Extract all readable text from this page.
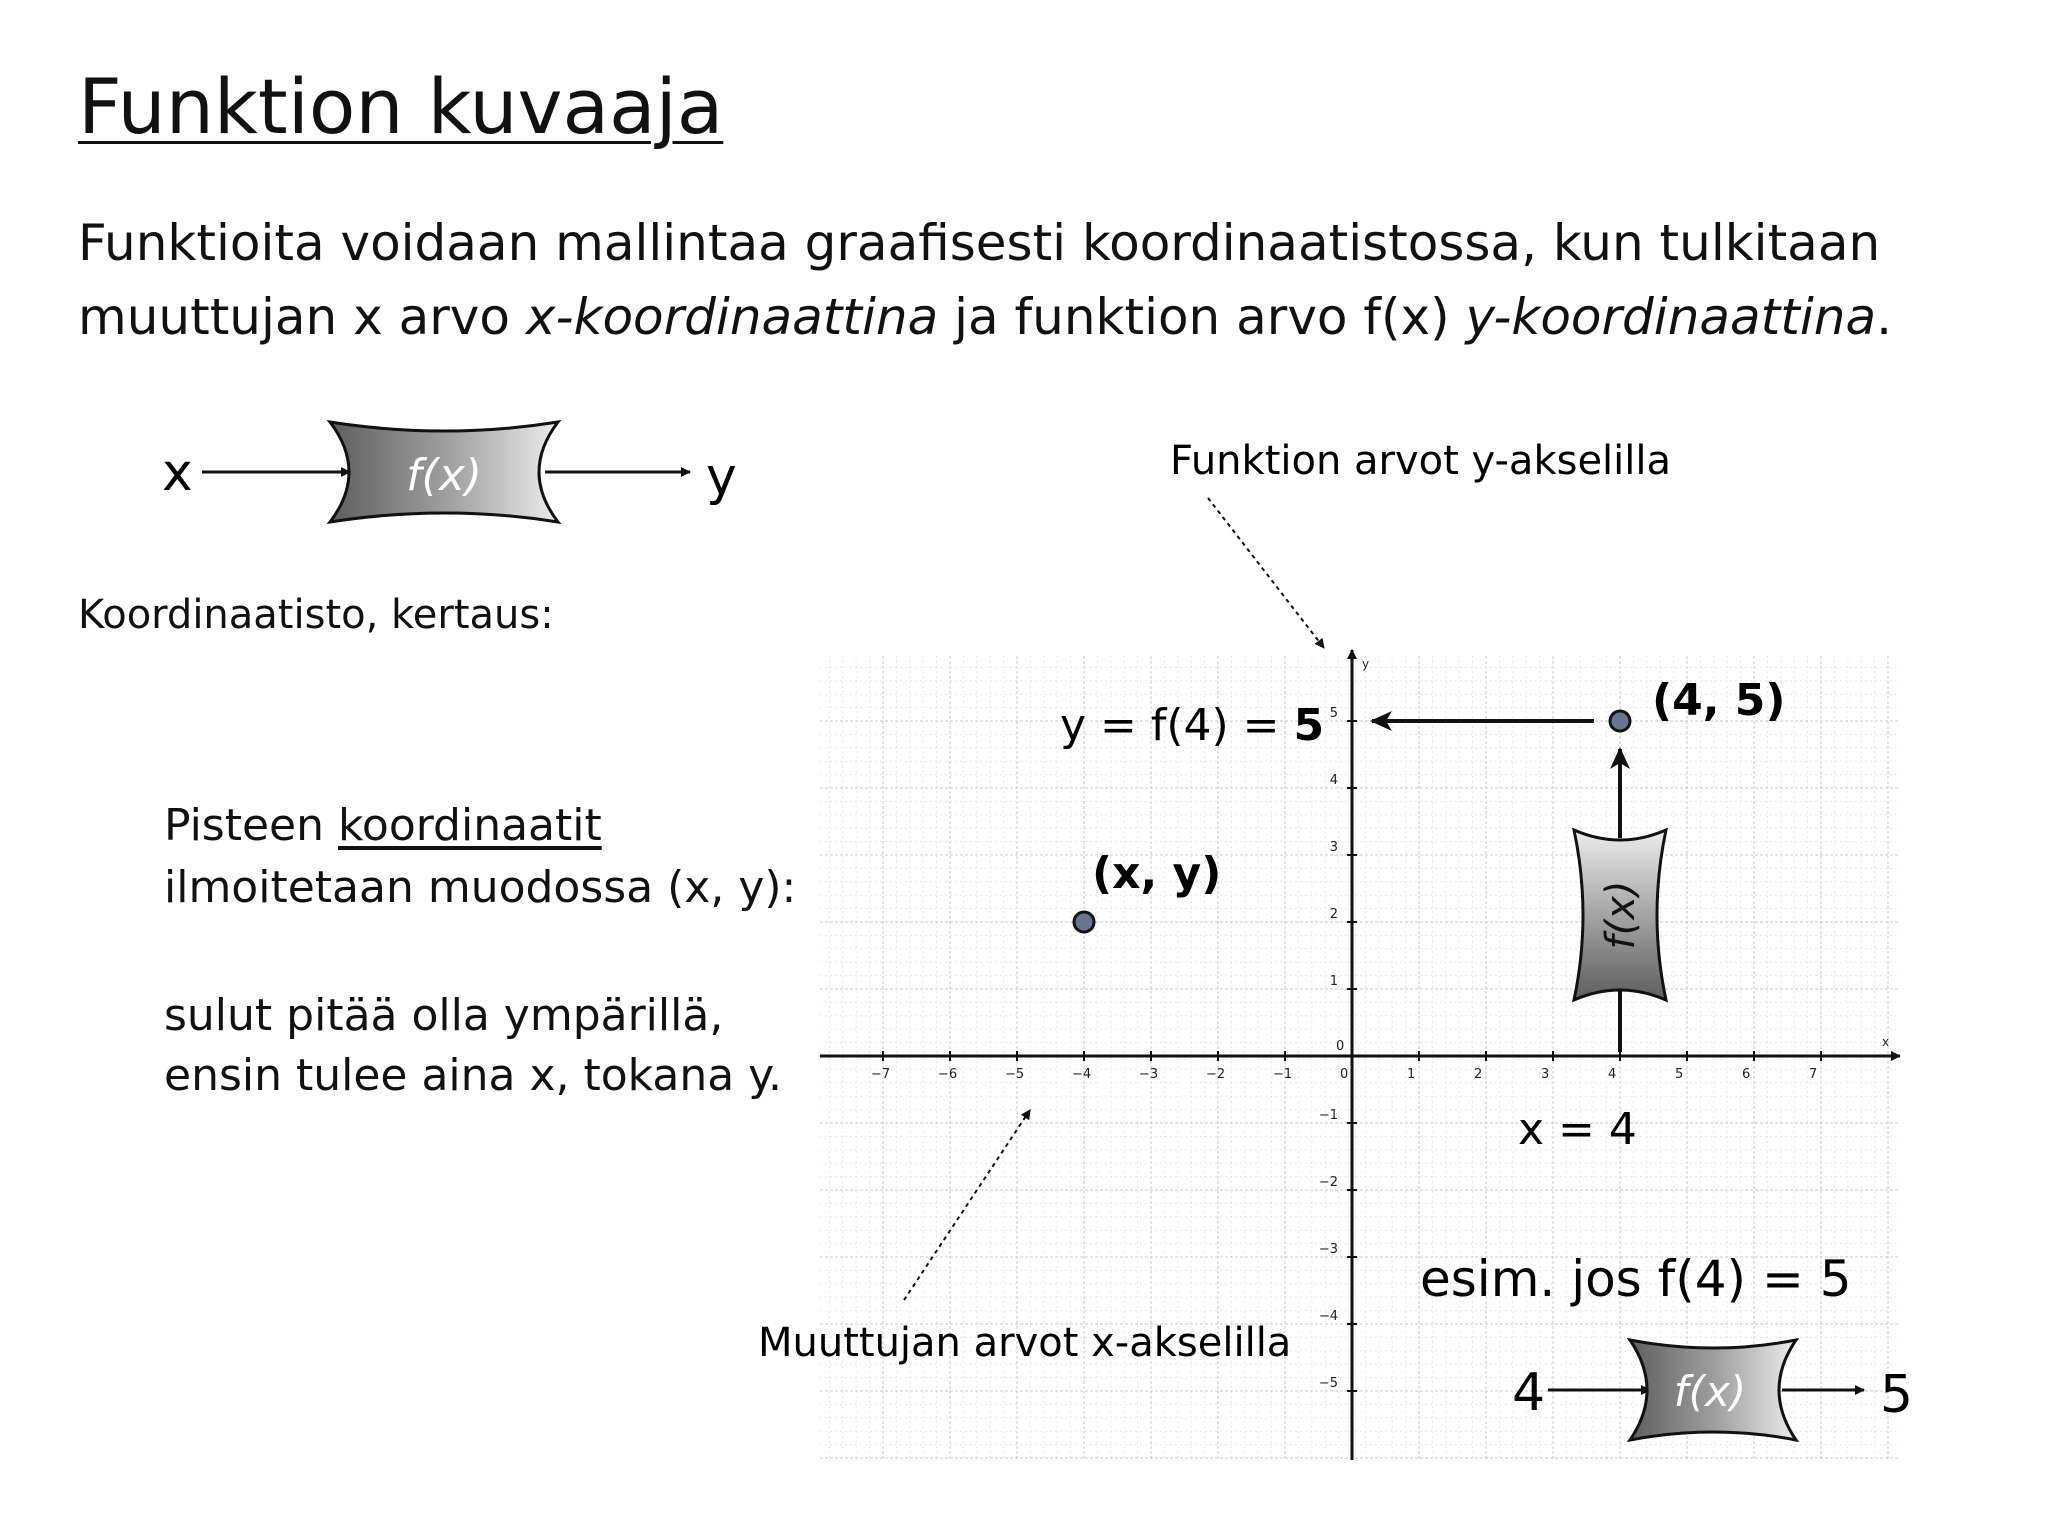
Funktion kuvaaja
Funktioita voidaan mallintaa graafisesti koordinaatistossa, kun tulkitaan
muuttujan x arvo x-koordinaattina ja funktion arvo f(x) y-koordinaattina.
Koordinaatisto, kertaus:
Pisteen koordinaatit
ilmoitetaan muodossa (x, y):
sulut pitää olla ympärillä,
ensin tulee aina x, tokana y.	−7	−6	−5	−4	−3	−2	−1	0	1	2	3	4	5	6	7
−5
−4
−3
−2
−1
1
2
3
4
5
0	x
y
x	f(x)	y	Funktion arvot y-akselilla
Muuttujan arvot x-akselilla
y = f(4) = 5
x = 4
esim. jos f(4) = 5
4	f(x)	5
(x, y)
f(x)
(4, 5)
